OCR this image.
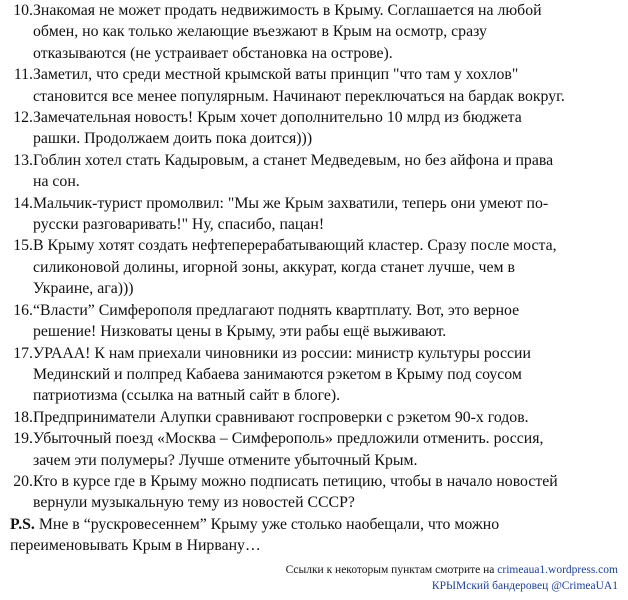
10. Знакомая не может продать недвижимость в Крыму. Соглашается на любой
обмен, но как только желающие въезжают в Крым на осмотр, сразу
отказываются (не устраивает обстановка на острове).
11. Заметил, что среди местной крымской ваты принцип "что там у хохлов"
становится все менее популярным. Начинают переключаться на бардак вокруг.
12. Замечательная новость! Крым хочет дополнительно 10 млрд из бюджета
рашки. Продолжаем доить пока доится)))
13. Гоблин хотел стать Кадыровым, а станет Медведевым, но без айфона и права
на сон.
14. Мальчик-турист промолвил: "Мы же Крым захватили, теперь они умеют по-
русски разговаривать!" Ну, спасибо, пацан!
15. В Крыму хотят создать нефтеперерабатывающий кластер. Сразу после моста,
силиконовой долины, игорной зоны, аккурат, когда станет лучше, чем в
Украине, ага)))
16. “Власти” Симферополя предлагают поднять квартплату. Вот, это верное
решение! Низковаты цены в Крыму, эти рабы ещё выживают.
17. УРААА! К нам приехали чиновники из россии: министр культуры россии
Мединский и полпред Кабаева занимаются рэкетом в Крыму под соусом
патриотизма (ссылка на ватный сайт в блоге).
18. Предприниматели Алупки сравнивают госпроверки с рэкетом 90-х годов.
19. Убыточный поезд «Москва – Симферополь» предложили отменить. россия,
зачем эти полумеры? Лучше отмените убыточный Крым.
20. Кто в курсе где в Крыму можно подписать петицию, чтобы в начало новостей
вернули музыкальную тему из новостей СССР?
P.S. Мне в “рускровесеннем” Крыму уже столько наобещали, что можно
переименовывать Крым в Нирвану…
Ссылки к некоторым пунктам смотрите на crimeaua1.wordpress.com
КРЫМский бандеровец @CrimeaUA1
